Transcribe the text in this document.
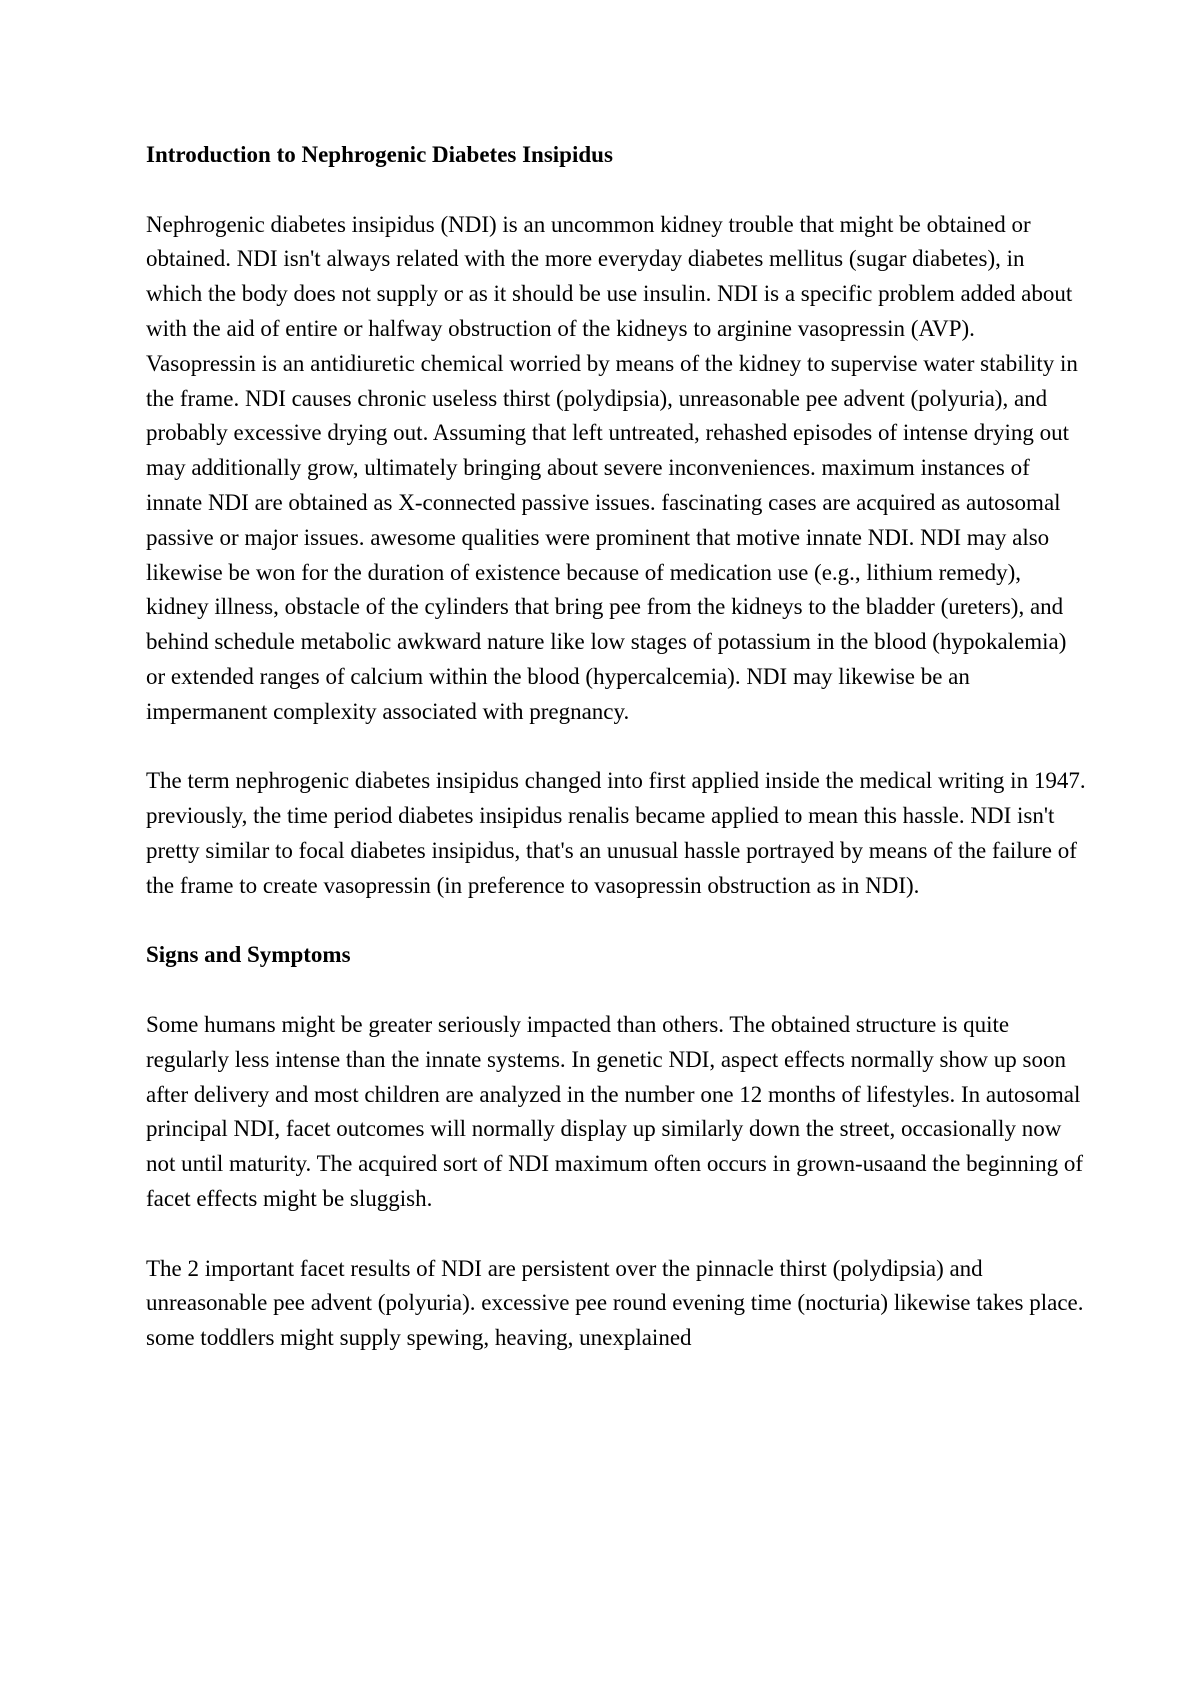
Introduction to Nephrogenic Diabetes Insipidus

Nephrogenic diabetes insipidus (NDI) is an uncommon kidney trouble that might be obtained or obtained. NDI isn't always related with the more everyday diabetes mellitus (sugar diabetes), in which the body does not supply or as it should be use insulin. NDI is a specific problem added about with the aid of entire or halfway obstruction of the kidneys to arginine vasopressin (AVP). Vasopressin is an antidiuretic chemical worried by means of the kidney to supervise water stability in the frame. NDI causes chronic useless thirst (polydipsia), unreasonable pee advent (polyuria), and probably excessive drying out. Assuming that left untreated, rehashed episodes of intense drying out may additionally grow, ultimately bringing about severe inconveniences. maximum instances of innate NDI are obtained as X-connected passive issues. fascinating cases are acquired as autosomal passive or major issues. awesome qualities were prominent that motive innate NDI. NDI may also likewise be won for the duration of existence because of medication use (e.g., lithium remedy), kidney illness, obstacle of the cylinders that bring pee from the kidneys to the bladder (ureters), and behind schedule metabolic awkward nature like low stages of potassium in the blood (hypokalemia) or extended ranges of calcium within the blood (hypercalcemia). NDI may likewise be an impermanent complexity associated with pregnancy.

The term nephrogenic diabetes insipidus changed into first applied inside the medical writing in 1947. previously, the time period diabetes insipidus renalis became applied to mean this hassle. NDI isn't pretty similar to focal diabetes insipidus, that's an unusual hassle portrayed by means of the failure of the frame to create vasopressin (in preference to vasopressin obstruction as in NDI).

Signs and Symptoms

Some humans might be greater seriously impacted than others. The obtained structure is quite regularly less intense than the innate systems. In genetic NDI, aspect effects normally show up soon after delivery and most children are analyzed in the number one 12 months of lifestyles. In autosomal principal NDI, facet outcomes will normally display up similarly down the street, occasionally now not until maturity. The acquired sort of NDI maximum often occurs in grown-usaand the beginning of facet effects might be sluggish.

The 2 important facet results of NDI are persistent over the pinnacle thirst (polydipsia) and unreasonable pee advent (polyuria). excessive pee round evening time (nocturia) likewise takes place. some toddlers might supply spewing, heaving, unexplained
